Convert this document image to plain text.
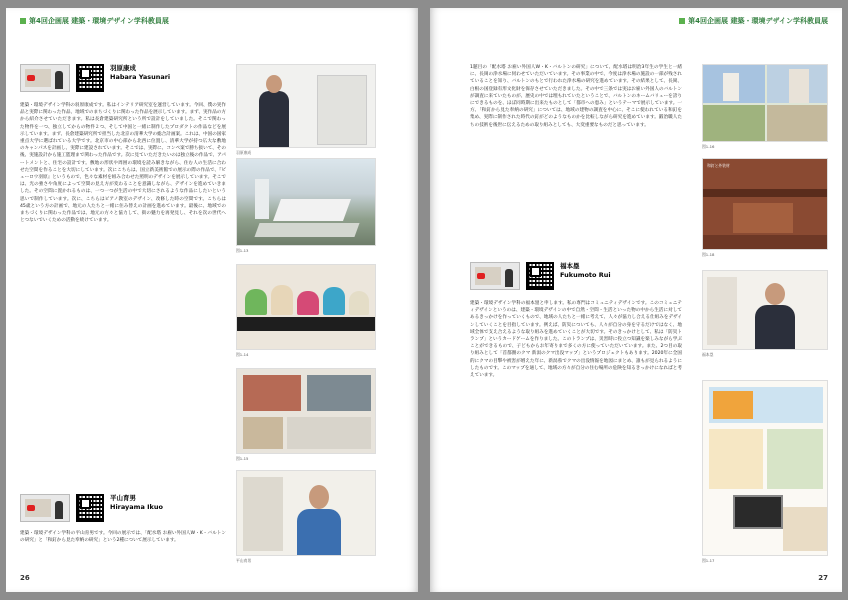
第4回企画展 建築・環境デザイン学科教員展
羽原康成
Habara Yasunari
建築・環境デザイン学科の羽原康成です。私はインテリア研究室を運営しています。今回、僕の実作品と実際に関わった作品、地域でのまちづくりに関わった作品を展示しています。まず、実作品の方から紹介させていただきます。私は長倉建築研究所という所で設計をしていました。そこで関わった物件を一つ、独立してからの物件２つ、そして中国と一緒に制作したプロダクトの作品などを展示しています。まず、長倉建築研究所で担当した北京の清華大学の総合計画案。これは、中国の国家重点大学に選ばれている大学です。北京市の中心部から北西に位置し、清華大学が持つ広大な敷地のキャンパスを計画し、実際に建設されています。そこでは、実際に、コンペ案で勝ち抜いて、その後、実施設計から施工監理まで関わった作品です。次に見ていただきたいのは独立後の作品で、アパートメントと、住宅の設計です。敷地の形状や周囲の環境を読み解きながら、住む人の生活に合わせた空間を作ることを大切にしています。次にこちらは、国立新美術館での展示の際の作品で、『ビューロウ羽原』というもので、色々な素材を組み合わせた照明のデザインを展示しています。そこでは、光の強さや角度によって空間の見え方が変わることを意識しながら、デザインを進めていきました。その空間に置かれるものは、一つ一つが生活の中で大切にされるような作品にしたいという思いで制作しています。次に、こちらはピアノ教室のデザイン、改修した時の空間です。こちらは45歳という方の計画で、地元の人たちと一緒に住み替えの計画を進めています。最後に、地域でのまちづくりに関わった作品では、地元の方々と協力して、街の魅力を再発見し、それを次の世代へとつないでいくための活動を続けています。
平山育男
Hirayama Ikuo
建築・環境デザイン学科の平山育男です。今回の展示では、「配水塔 お雇い外国人W・K・バルトンの研究」と「和釘から見た奉納の研究」という2種について展示しています。
羽原康成
図1-13
図1-14
図1-15
平山育男
26
第4回企画展 建築・環境デザイン学科教員展
1題目の「配水塔 お雇い外国人W・K・バルトンの研究」について、配水塔は明治3年生の学生と一緒に、長岡の浄水場に伺わせていただいています。その事業の中で、今度は浄水場の施設の一部が残されていることを知り、バルトンのもとで行われた浄水場の研究を進めています。その結果として、長岡、白根の国登録有形文化財を保存させていただきました。その中で三条では実はお雇い外国人のバルトンが調査に来ていたものが、歴史の中では埋もれていたということで、バルトンのネームバリューを誇りにできるものを、ほぼ同時期に出来たものとして「都市への恵み」というテーマで展示しています。一方、「和釘から見た奉納の研究」については、地域の建物の調査を中心に、そこに使われている和釘を集め、実際に制作された時代の釘がどのようなものかを比較しながら研究を進めています。鍛冶職人たちの技術を後世に伝えるための取り組みとしても、大変重要なものだと思っています。
福本塁
Fukumoto Rui
建築・環境デザイン学科の福本塁と申します。私の専門はコミュニティデザインです。このコミュニティデザインというのは、建築・環境デザインの中で自然・空間・生活といった物の中から生活に対してあるきっかけを作っていくもので、地域の人たちと一緒に考えて、人々が協力し合える仕組みをデザインしていくことを目指しています。例えば、防災についても、人々が自分の身を守るだけではなく、地域全体で支え合えるような取り組みを進めていくことが大切です。そのきっかけとして、私は「防災トランプ」というカードゲームを作りました。このトランプは、災害時に役立つ知識を楽しみながら学ぶことができるもので、子どもからお年寄りまで多くの方に使っていただいています。また、2つ目の取り組みとして「首都圏のクマ 新潟のクマ出没マップ」というプロジェクトもあります。2020年に全国的にクマの目撃や被害が増えた年に、新潟県でクマの出没情報を地図にまとめ、誰もが見られるようにしたものです。このマップを通して、地域の方々が自分の住む場所の危険を知るきっかけになればと考えています。
図1-16
和釘と外装材
図1-18
福本塁
図1-17
27
